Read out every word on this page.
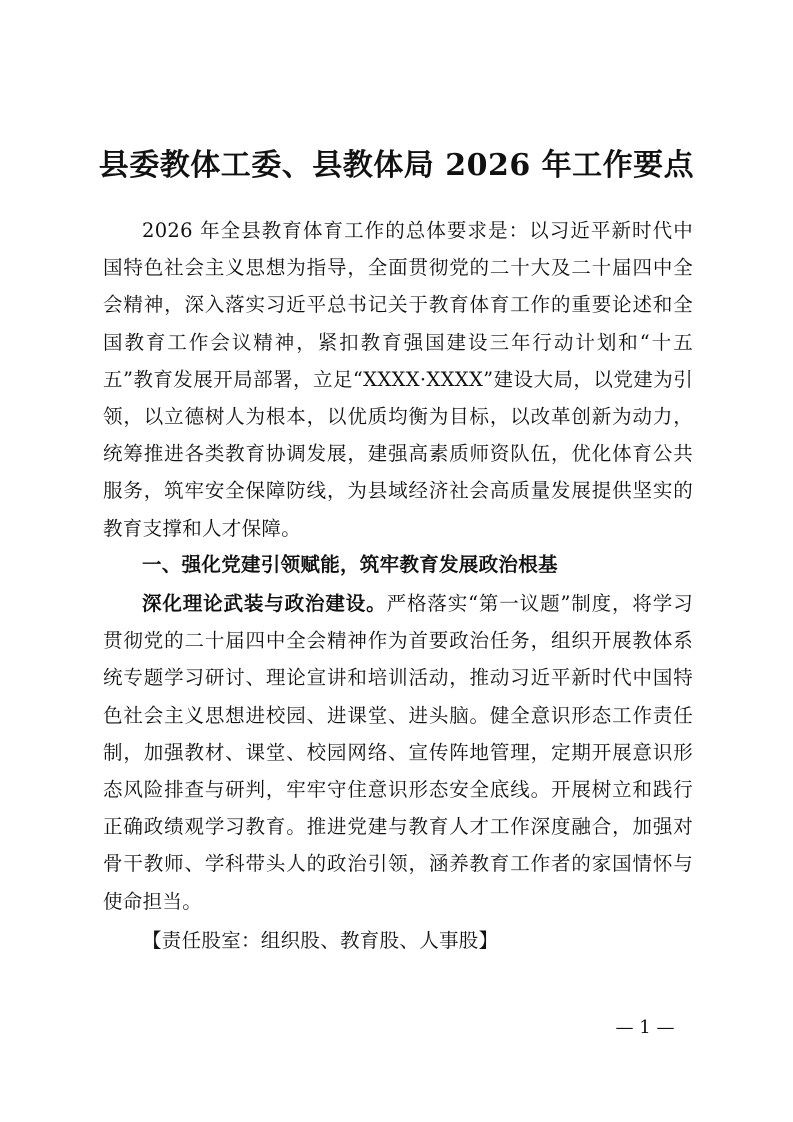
县委教体工委、县教体局 2026 年工作要点

2026 年全县教育体育工作的总体要求是：以习近平新时代中国特色社会主义思想为指导，全面贯彻党的二十大及二十届四中全会精神，深入落实习近平总书记关于教育体育工作的重要论述和全国教育工作会议精神，紧扣教育强国建设三年行动计划和“十五五”教育发展开局部署，立足“XXXX·XXXX”建设大局，以党建为引领，以立德树人为根本，以优质均衡为目标，以改革创新为动力，统筹推进各类教育协调发展，建强高素质师资队伍，优化体育公共服务，筑牢安全保障防线，为县域经济社会高质量发展提供坚实的教育支撑和人才保障。

一、强化党建引领赋能，筑牢教育发展政治根基

深化理论武装与政治建设。严格落实“第一议题”制度，将学习贯彻党的二十届四中全会精神作为首要政治任务，组织开展教体系统专题学习研讨、理论宣讲和培训活动，推动习近平新时代中国特色社会主义思想进校园、进课堂、进头脑。健全意识形态工作责任制，加强教材、课堂、校园网络、宣传阵地管理，定期开展意识形态风险排查与研判，牢牢守住意识形态安全底线。开展树立和践行正确政绩观学习教育。推进党建与教育人才工作深度融合，加强对骨干教师、学科带头人的政治引领，涵养教育工作者的家国情怀与使命担当。

【责任股室：组织股、教育股、人事股】

— 1 —
